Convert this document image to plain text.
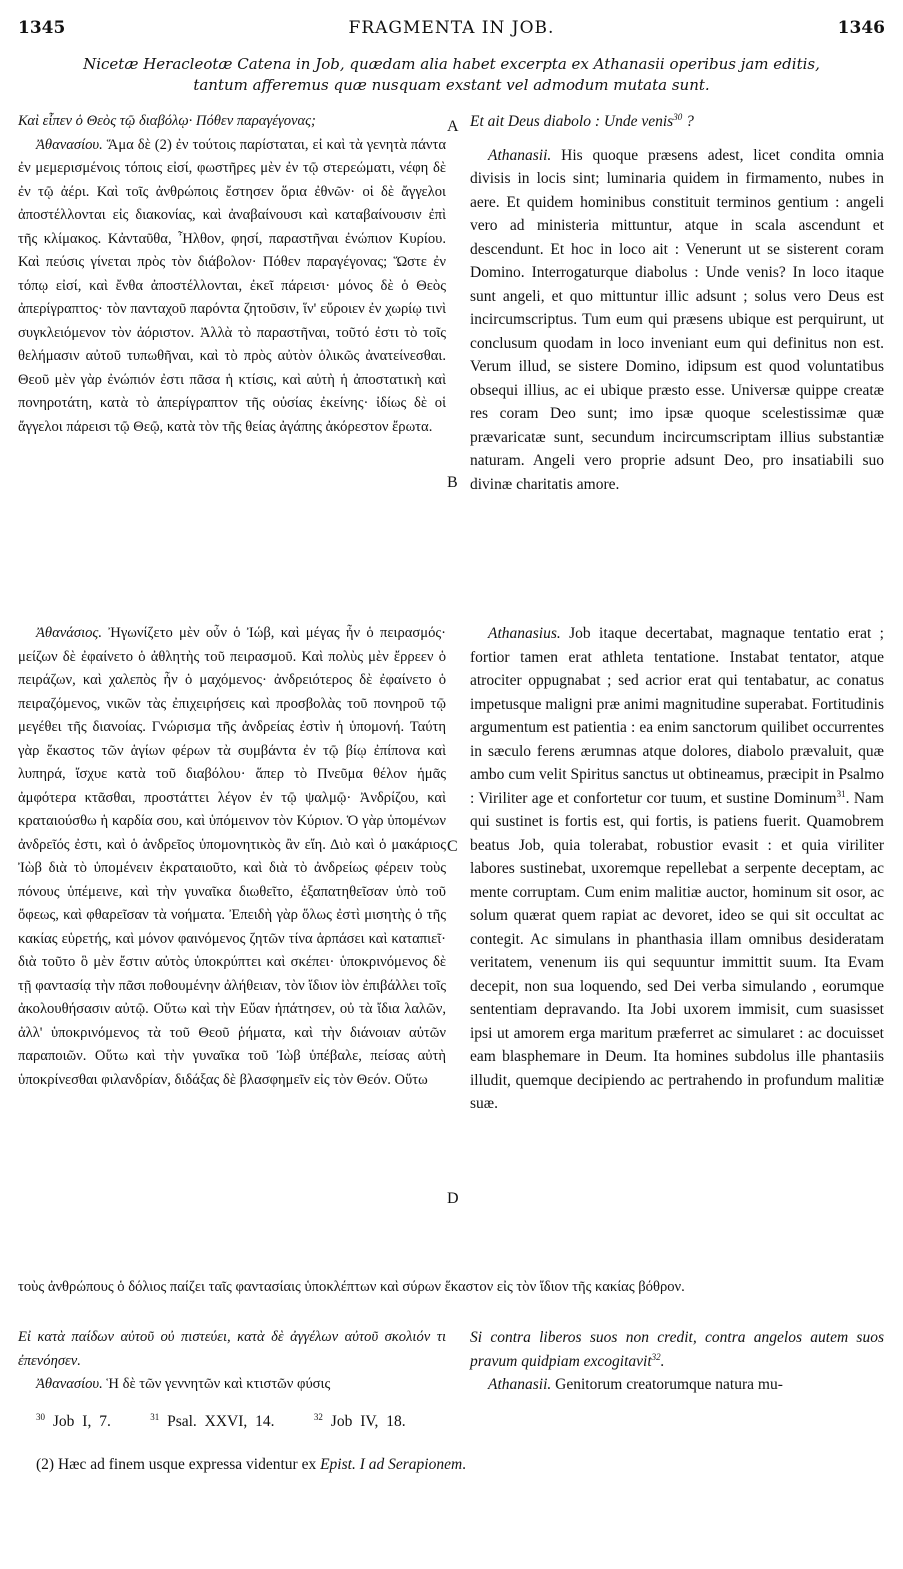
1345	FRAGMENTA IN JOB.	1346
Nicetæ Heracleotæ Catena in Job, quædam alia habet excerpta ex Athanasii operibus jam editis,
tantum afferemus quæ nusquam exstant vel admodum mutata sunt.

Καὶ εἶπεν ὁ Θεὸς τῷ διαβόλῳ· Πόθεν παραγέγονας;

Ἀθανασίου. Ἅμα δὲ (2) ἐν τούτοις παρίσταται, εἰ καὶ τὰ γενητὰ πάντα ἐν μεμερισμένοις τόποις εἰσί, φωστῆρες μὲν ἐν τῷ στερεώματι, νέφη δὲ ἐν τῷ ἀέρι. Καὶ τοῖς ἀνθρώποις ἔστησεν ὅρια ἐθνῶν· οἱ δὲ ἄγγελοι ἀποστέλλονται εἰς διακονίας, καὶ ἀναβαίνουσι καὶ καταβαίνουσιν ἐπὶ τῆς κλίμακος. Κἀνταῦθα, Ἦλθον, φησί, παραστῆναι ἐνώπιον Κυρίου. Καὶ πεύσις γίνεται πρὸς τὸν διάβολον· Πόθεν παραγέγονας; Ὥστε ἐν τόπῳ εἰσί, καὶ ἔνθα ἀποστέλλονται, ἐκεῖ πάρεισι· μόνος δὲ ὁ Θεὸς ἀπερίγραπτος· τὸν πανταχοῦ παρόντα ζητοῦσιν, ἵν' εὕροιεν ἐν χωρίῳ τινὶ συγκλειόμενον τὸν ἀόριστον. Ἀλλὰ τὸ παραστῆναι, τοῦτό ἐστι τὸ τοῖς θελήμασιν αὐτοῦ τυπωθῆναι, καὶ τὸ πρὸς αὐτὸν ὁλικῶς ἀνατείνεσθαι. Θεοῦ μὲν γὰρ ἐνώπιόν ἐστι πᾶσα ἡ κτίσις, καὶ αὐτὴ ἡ ἀποστατικὴ καὶ πονηροτάτη, κατὰ τὸ ἀπερίγραπτον τῆς οὐσίας ἐκείνης· ἰδίως δὲ οἱ ἄγγελοι πάρεισι τῷ Θεῷ, κατὰ τὸν τῆς θείας ἀγάπης ἀκόρεστον ἔρωτα.

Ἀθανάσιος. Ἠγωνίζετο μὲν οὖν ὁ Ἰώβ, καὶ μέγας ἦν ὁ πειρασμός· μείζων δὲ ἐφαίνετο ὁ ἀθλητὴς τοῦ πειρασμοῦ. Καὶ πολὺς μὲν ἔρρεεν ὁ πειράζων, καὶ χαλεπὸς ἦν ὁ μαχόμενος· ἀνδρειότερος δὲ ἐφαίνετο ὁ πειραζόμενος, νικῶν τὰς ἐπιχειρήσεις καὶ προσβολὰς τοῦ πονηροῦ τῷ μεγέθει τῆς διανοίας. Γνώρισμα τῆς ἀνδρείας ἐστὶν ἡ ὑπομονή. Ταύτη γὰρ ἕκαστος τῶν ἁγίων φέρων τὰ συμβάντα ἐν τῷ βίῳ ἐπίπονα καὶ λυπηρά, ἴσχυε κατὰ τοῦ διαβόλου· ἅπερ τὸ Πνεῦμα θέλον ἡμᾶς ἀμφότερα κτᾶσθαι, προστάττει λέγον ἐν τῷ ψαλμῷ· Ἀνδρίζου, καὶ κραταιούσθω ἡ καρδία σου, καὶ ὑπόμεινον τὸν Κύριον. Ὁ γὰρ ὑπομένων ἀνδρεῖός ἐστι, καὶ ὁ ἀνδρεῖος ὑπομονητικὸς ἂν εἴη. Διὸ καὶ ὁ μακάριος Ἰὼβ διὰ τὸ ὑπομένειν ἐκραταιοῦτο, καὶ διὰ τὸ ἀνδρείως φέρειν τοὺς πόνους ὑπέμεινε, καὶ τὴν γυναῖκα διωθεῖτο, ἐξαπατηθεῖσαν ὑπὸ τοῦ ὄφεως, καὶ φθαρεῖσαν τὰ νοήματα. Ἐπειδὴ γὰρ ὅλως ἐστὶ μισητὴς ὁ τῆς κακίας εὑρετής, καὶ μόνον φαινόμενος ζητῶν τίνα ἁρπάσει καὶ καταπιεῖ· διὰ τοῦτο ὃ μὲν ἔστιν αὐτὸς ὑποκρύπτει καὶ σκέπει· ὑποκρινόμενος δὲ τῇ φαντασίᾳ τὴν πᾶσι ποθουμένην ἀλήθειαν, τὸν ἴδιον ἰὸν ἐπιβάλλει τοῖς ἀκολουθήσασιν αὐτῷ. Οὕτω καὶ τὴν Εὔαν ἠπάτησεν, οὐ τὰ ἴδια λαλῶν, ἀλλ' ὑποκρινόμενος τὰ τοῦ Θεοῦ ῥήματα, καὶ τὴν διάνοιαν αὐτῶν παραποιῶν. Οὕτω καὶ τὴν γυναῖκα τοῦ Ἰὼβ ὑπέβαλε, πείσας αὐτὴ ὑποκρίνεσθαι φιλανδρίαν, διδάξας δὲ βλασφημεῖν εἰς τὸν Θεόν. Οὕτω

Et ait Deus diabolo : Unde venis$^{30}$ ?

Athanasii. His quoque præsens adest, licet condita omnia divisis in locis sint; luminaria quidem in firmamento, nubes in aere. Et quidem hominibus constituit terminos gentium : angeli vero ad ministeria mittuntur, atque in scala ascendunt et descendunt. Et hoc in loco ait : Venerunt ut se sisterent coram Domino. Interrogaturque diabolus : Unde venis? In loco itaque sunt angeli, et quo mittuntur illic adsunt ; solus vero Deus est incircumscriptus. Tum eum qui præsens ubique est perquirunt, ut conclusum quodam in loco inveniant eum qui definitus non est. Verum illud, se sistere Domino, idipsum est quod voluntatibus obsequi illius, ac ei ubique præsto esse. Universæ quippe creatæ res coram Deo sunt; imo ipsæ quoque scelestissimæ quæ prævaricatæ sunt, secundum incircumscriptam illius substantiæ naturam. Angeli vero proprie adsunt Deo, pro insatiabili suo divinæ charitatis amore.

Athanasius. Job itaque decertabat, magnaque tentatio erat ; fortior tamen erat athleta tentatione. Instabat tentator, atque atrociter oppugnabat ; sed acrior erat qui tentabatur, ac conatus impetusque maligni præ animi magnitudine superabat. Fortitudinis argumentum est patientia : ea enim sanctorum quilibet occurrentes in sæculo ferens ærumnas atque dolores, diabolo prævaluit, quæ ambo cum velit Spiritus sanctus ut obtineamus, præcipit in Psalmo : Viriliter age et confortetur cor tuum, et sustine Dominum$^{31}$. Nam qui sustinet is fortis est, qui fortis, is patiens fuerit. Quamobrem beatus Job, quia tolerabat, robustior evasit : et quia viriliter labores sustinebat, uxoremque repellebat a serpente deceptam, ac mente corruptam. Cum enim malitiæ auctor, hominum sit osor, ac solum quærat quem rapiat ac devoret, ideo se qui sit occultat ac contegit. Ac simulans in phanthasia illam omnibus desideratam veritatem, venenum iis qui sequuntur immittit suum. Ita Evam decepit, non sua loquendo, sed Dei verba simulando , eorumque sententiam depravando. Ita Jobi uxorem immisit, cum suasisset ipsi ut amorem erga maritum præferret ac simularet : ac docuisset eam blasphemare in Deum. Ita homines subdolus ille phantasiis illudit, quemque decipiendo ac pertrahendo in profundum malitiæ suæ.

A
B
C
D
τοὺς ἀνθρώπους ὁ δόλιος παίζει ταῖς φαντασίαις ὑποκλέπτων καὶ σύρων ἕκαστον εἰς τὸν ἴδιον τῆς κακίας βόθρον.

Εἰ κατὰ παίδων αὐτοῦ οὐ πιστεύει, κατὰ δὲ ἀγγέλων αὐτοῦ σκολιόν τι ἐπενόησεν.

Ἀθανασίου. Ἡ δὲ τῶν γεννητῶν καὶ κτιστῶν φύσις

Si contra liberos suos non credit, contra angelos autem suos pravum quidpiam excogitavit$^{32}$.

Athanasii. Genitorum creatorumque natura mu-

$^{30}$ Job I, 7.	$^{31}$ Psal. XXVI, 14.	$^{32}$ Job IV, 18.
(2) Hæc ad finem usque expressa videntur ex Epist. I ad Serapionem.
